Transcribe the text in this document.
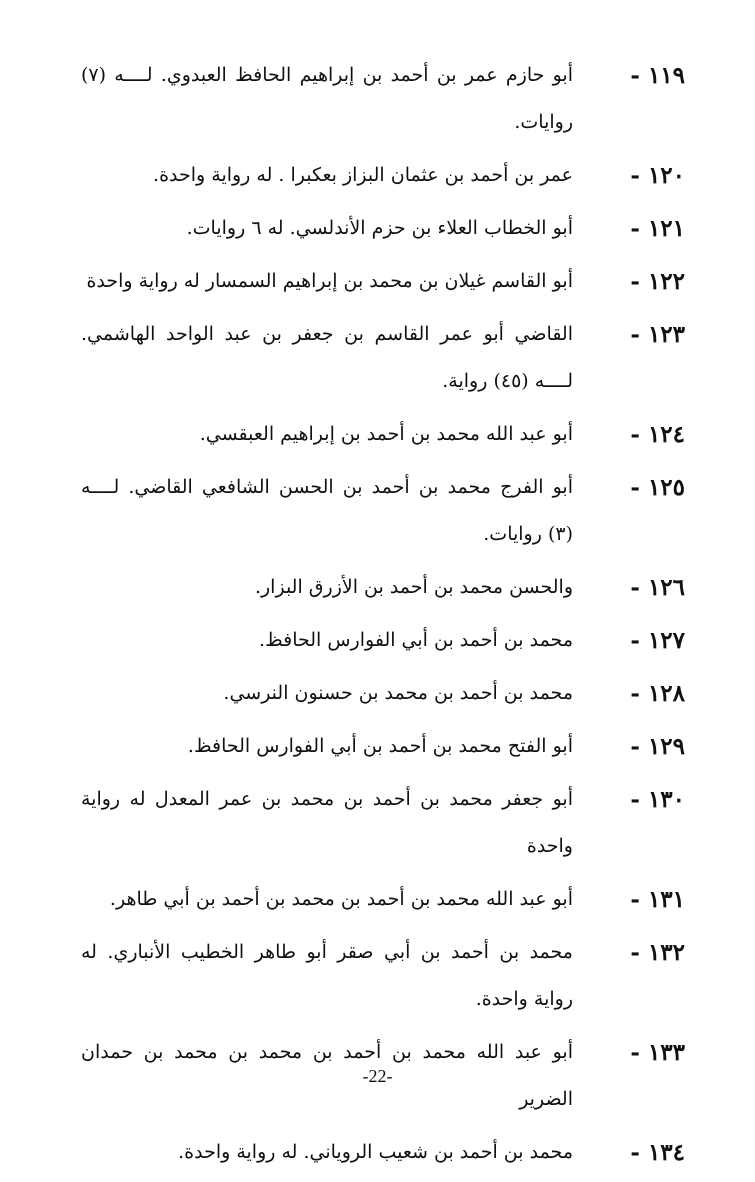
١١٩ -
أبو حازم عمر بن أحمد بن إبراهيم الحافظ العبدوي. لــــه (٧) روايات.
١٢٠ -
عمر بن أحمد بن عثمان البزاز بعكبرا . له رواية واحدة.
١٢١ -
أبو الخطاب العلاء بن حزم الأندلسي. له ٦ روايات.
١٢٢ -
أبو القاسم غيلان بن محمد بن إبراهيم السمسار له رواية واحدة
١٢٣ -
القاضي أبو عمر القاسم بن جعفر بن عبد الواحد الهاشمي. لــــه (٤٥) رواية.
١٢٤ -
أبو عبد الله محمد بن أحمد بن إبراهيم العبقسي.
١٢٥ -
أبو الفرج محمد بن أحمد بن الحسن الشافعي القاضي. لــــه (٣) روايات.
١٢٦ -
والحسن محمد بن أحمد بن الأزرق البزار.
١٢٧ -
محمد بن أحمد بن أبي الفوارس الحافظ.
١٢٨ -
محمد بن أحمد بن محمد بن حسنون النرسي.
١٢٩ -
أبو الفتح محمد بن أحمد بن أبي الفوارس الحافظ.
١٣٠ -
أبو جعفر محمد بن أحمد بن محمد بن عمر المعدل له رواية واحدة
١٣١ -
أبو عبد الله محمد بن أحمد بن محمد بن أحمد بن أبي طاهر.
١٣٢ -
محمد بن أحمد بن أبي صقر أبو طاهر الخطيب الأنباري. له رواية واحدة.
١٣٣ -
أبو عبد الله محمد بن أحمد بن محمد بن محمد بن حمدان الضرير
١٣٤ -
محمد بن أحمد بن شعيب الروياني. له رواية واحدة.
-22-
